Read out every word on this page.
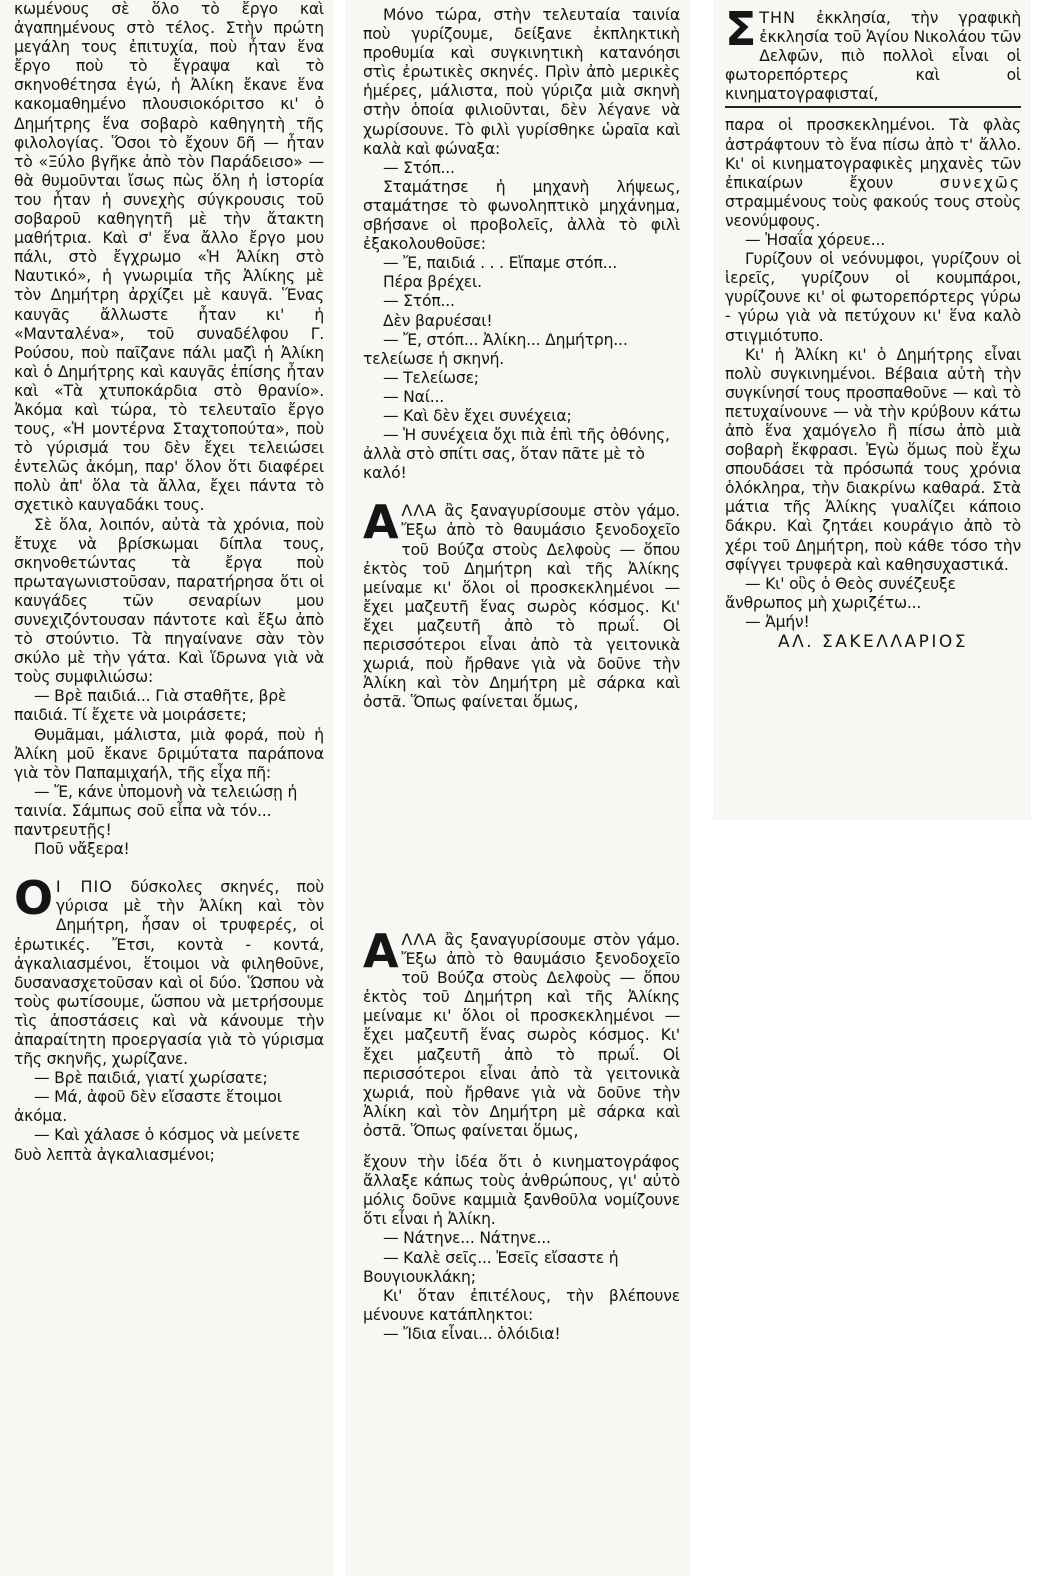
κωμένους σὲ ὅλο τὸ ἔργο καὶ ἀγαπημένους στὸ τέλος. Στὴν πρώτη μεγάλη τους ἐπιτυχία, ποὺ ἦταν ἕνα ἔργο ποὺ τὸ ἔγραψα καὶ τὸ σκηνοθέτησα ἐγώ, ἡ Ἀλίκη ἔκανε ἕνα κακομαθημένο πλουσιοκόριτσο κι' ὁ Δημήτρης ἕνα σοβαρὸ καθηγητὴ τῆς φιλολογίας. Ὅσοι τὸ ἔχουν δῆ — ἦταν τὸ «Ξύλο βγῆκε ἀπὸ τὸν Παράδεισο» — θὰ θυμοῦνται ἴσως πὼς ὅλη ἡ ἱστορία του ἦταν ἡ συνεχὴς σύγκρουσις τοῦ σοβαροῦ καθηγητῆ μὲ τὴν ἄτακτη μαθήτρια. Καὶ σ' ἕνα ἄλλο ἔργο μου πάλι, στὸ ἔγχρωμο «Ἡ Ἀλίκη στὸ Ναυτικό», ἡ γνωριμία τῆς Ἀλίκης μὲ τὸν Δημήτρη ἀρχίζει μὲ καυγᾶ. Ἕνας καυγᾶς ἄλλωστε ἦταν κι' ἡ «Μανταλένα», τοῦ συναδέλφου Γ. Ρούσου, ποὺ παῖζανε πάλι μαζὶ ἡ Ἀλίκη καὶ ὁ Δημήτρης καὶ καυγᾶς ἐπίσης ἦταν καὶ «Τὰ χτυποκάρδια στὸ θρανίο». Ἀκόμα καὶ τώρα, τὸ τελευταῖο ἔργο τους, «Ἡ μοντέρνα Σταχτοπούτα», ποὺ τὸ γύρισμά του δὲν ἔχει τελειώσει ἐντελῶς ἀκόμη, παρ' ὅλον ὅτι διαφέρει πολὺ ἀπ' ὅλα τὰ ἄλλα, ἔχει πάντα τὸ σχετικὸ καυγαδάκι τους.

Σὲ ὅλα, λοιπόν, αὐτὰ τὰ χρόνια, ποὺ ἔτυχε νὰ βρίσκωμαι δίπλα τους, σκηνοθετώντας τὰ ἔργα ποὺ πρωταγωνιστοῦσαν, παρατήρησα ὅτι οἱ καυγάδες τῶν σεναρίων μου συνεχιζόντουσαν πάντοτε καὶ ἔξω ἀπὸ τὸ στούντιο. Τὰ πηγαίνανε σὰν τὸν σκύλο μὲ τὴν γάτα. Καὶ ἵδρωνα γιὰ νὰ τοὺς συμφιλιώσω:

— Βρὲ παιδιά... Γιὰ σταθῆτε, βρὲ παιδιά. Τί ἔχετε νὰ μοιράσετε;

Θυμᾶμαι, μάλιστα, μιὰ φορά, ποὺ ἡ Ἀλίκη μοῦ ἔκανε δριμύτατα παράπονα γιὰ τὸν Παπαμιχαήλ, τῆς εἶχα πῆ:

— Ἔ, κάνε ὑπομονὴ νὰ τελειώσῃ ἡ ταινία. Σάμπως σοῦ εἶπα νὰ τόν... παντρευτῇς!

Ποῦ νἄξερα!

Ο Ι ΠΙΟ δύσκολες σκηνές, ποὺ γύρισα μὲ τὴν Ἀλίκη καὶ τὸν Δημήτρη, ἦσαν οἱ τρυφερές, οἱ ἐρωτικές. Ἔτσι, κοντὰ - κοντά, ἀγκαλιασμένοι, ἕτοιμοι νὰ φιληθοῦνε, δυσανασχετοῦσαν καὶ οἱ δύο. Ὥσπου νὰ τοὺς φωτίσουμε, ὥσπου νὰ μετρήσουμε τὶς ἀποστάσεις καὶ νὰ κάνουμε τὴν ἀπαραίτητη προεργασία γιὰ τὸ γύρισμα τῆς σκηνῆς, χωρίζανε.

— Βρὲ παιδιά, γιατί χωρίσατε;

— Μά, ἀφοῦ δὲν εἴσαστε ἕτοιμοι ἀκόμα.

— Καὶ χάλασε ὁ κόσμος νὰ μείνετε δυὸ λεπτὰ ἀγκαλιασμένοι;

Μόνο τώρα, στὴν τελευταία ταινία ποὺ γυρίζουμε, δείξανε ἐκπληκτικὴ προθυμία καὶ συγκινητικὴ κατανόησι στὶς ἐρωτικὲς σκηνές. Πρὶν ἀπὸ μερικὲς ἡμέρες, μάλιστα, ποὺ γύριζα μιὰ σκηνὴ στὴν ὁποία φιλιοῦνται, δὲν λέγανε νὰ χωρίσουνε. Τὸ φιλὶ γυρίσθηκε ὡραῖα καὶ καλὰ καὶ φώναξα:

— Στόπ...

Σταμάτησε ἡ μηχανὴ λήψεως, σταμάτησε τὸ φωνοληπτικὸ μηχάνημα, σβήσανε οἱ προβολεῖς, ἀλλὰ τὸ φιλὶ ἐξακολουθοῦσε:

— Ἔ, παιδιά . . . Εἴπαμε στόπ...

Πέρα βρέχει.

— Στόπ...

Δὲν βαρυέσαι!

— Ἔ, στόπ... Ἀλίκη... Δημήτρη... τελείωσε ἡ σκηνή.

— Τελείωσε;

— Ναί...

— Καὶ δὲν ἔχει συνέχεια;

— Ἡ συνέχεια ὄχι πιὰ ἐπὶ τῆς ὀθόνης, ἀλλὰ στὸ σπίτι σας, ὅταν πᾶτε μὲ τὸ καλό!

ΑΛΛΑ ἂς ξαναγυρίσουμε στὸν γάμο. Ἔξω ἀπὸ τὸ θαυμάσιο ξενοδοχεῖο τοῦ Βούζα στοὺς Δελφοὺς — ὅπου ἐκτὸς τοῦ Δημήτρη καὶ τῆς Ἀλίκης μείναμε κι' ὅλοι οἱ προσκεκλημένοι — ἔχει μαζευτῆ ἕνας σωρὸς κόσμος. Κι' ἔχει μαζευτῆ ἀπὸ τὸ πρωΐ. Οἱ περισσότεροι εἶναι ἀπὸ τὰ γειτονικὰ χωριά, ποὺ ἤρθανε γιὰ νὰ δοῦνε τὴν Ἀλίκη καὶ τὸν Δημήτρη μὲ σάρκα καὶ ὀστᾶ. Ὅπως φαίνεται ὅμως,

ΑΛΛΑ ἂς ξαναγυρίσουμε στὸν γάμο. Ἔξω ἀπὸ τὸ θαυμάσιο ξενοδοχεῖο τοῦ Βούζα στοὺς Δελφοὺς — ὅπου ἐκτὸς τοῦ Δημήτρη καὶ τῆς Ἀλίκης μείναμε κι' ὅλοι οἱ προσκεκλημένοι — ἔχει μαζευτῆ ἕνας σωρὸς κόσμος. Κι' ἔχει μαζευτῆ ἀπὸ τὸ πρωΐ. Οἱ περισσότεροι εἶναι ἀπὸ τὰ γειτονικὰ χωριά, ποὺ ἤρθανε γιὰ νὰ δοῦνε τὴν Ἀλίκη καὶ τὸν Δημήτρη μὲ σάρκα καὶ ὀστᾶ. Ὅπως φαίνεται ὅμως,

ἔχουν τὴν ἰδέα ὅτι ὁ κινηματογράφος ἄλλαξε κάπως τοὺς ἀνθρώπους, γι' αὐτὸ μόλις δοῦνε καμμιὰ ξανθοῦλα νομίζουνε ὅτι εἶναι ἡ Ἀλίκη.

— Νάτηνε... Νάτηνε...

— Καλὲ σεῖς... Ἐσεῖς εἴσαστε ἡ Βουγιουκλάκη;

Κι' ὅταν ἐπιτέλους, τὴν βλέπουνε μένουνε κατάπληκτοι:

— Ἴδια εἶναι... ὁλόιδια!

ΣΤΗΝ ἐκκλησία, τὴν γραφικὴ ἐκκλησία τοῦ Ἁγίου Νικολάου τῶν Δελφῶν, πιὸ πολλοὶ εἶναι οἱ φωτορεπόρτερς καὶ οἱ κινηματογραφισταί,

παρα οἱ προσκεκλημένοι. Τὰ φλὰς ἀστράφτουν τὸ ἕνα πίσω ἀπὸ τ' ἄλλο. Κι' οἱ κινηματογραφικὲς μηχανὲς τῶν ἐπικαίρων ἔχουν	συνεχῶς στραμμένους τοὺς φακούς τους στοὺς νεονύμφους.

— Ἠσαΐα χόρευε...

Γυρίζουν οἱ νεόνυμφοι, γυρίζουν οἱ ἱερεῖς, γυρίζουν οἱ κουμπάροι, γυρίζουνε κι' οἱ φωτορεπόρτερς γύρω - γύρω γιὰ νὰ πετύχουν κι' ἕνα καλὸ στιγμιότυπο.

Κι' ἡ Ἀλίκη κι' ὁ Δημήτρης εἶναι πολὺ συγκινημένοι. Βέβαια αὐτὴ τὴν συγκίνησί τους προσπαθοῦνε — καὶ τὸ πετυχαίνουνε — νὰ τὴν κρύβουν κάτω ἀπὸ ἕνα χαμόγελο ἢ πίσω ἀπὸ μιὰ σοβαρὴ ἔκφρασι. Ἐγὼ ὅμως ποὺ ἔχω σπουδάσει τὰ πρόσωπά τους χρόνια ὁλόκληρα, τὴν διακρίνω καθαρά. Στὰ μάτια τῆς Ἀλίκης γυαλίζει κάποιο δάκρυ. Καὶ ζητάει κουράγιο ἀπὸ τὸ χέρι τοῦ Δημήτρη, ποὺ κάθε τόσο τὴν σφίγγει τρυφερὰ καὶ καθησυχαστικά.

— Κι' οὓς ὁ Θεὸς συνέζευξε ἄνθρωπος μὴ χωριζέτω...

— Ἀμήν!

ΑΛ. ΣΑΚΕΛΛΑΡΙΟΣ
